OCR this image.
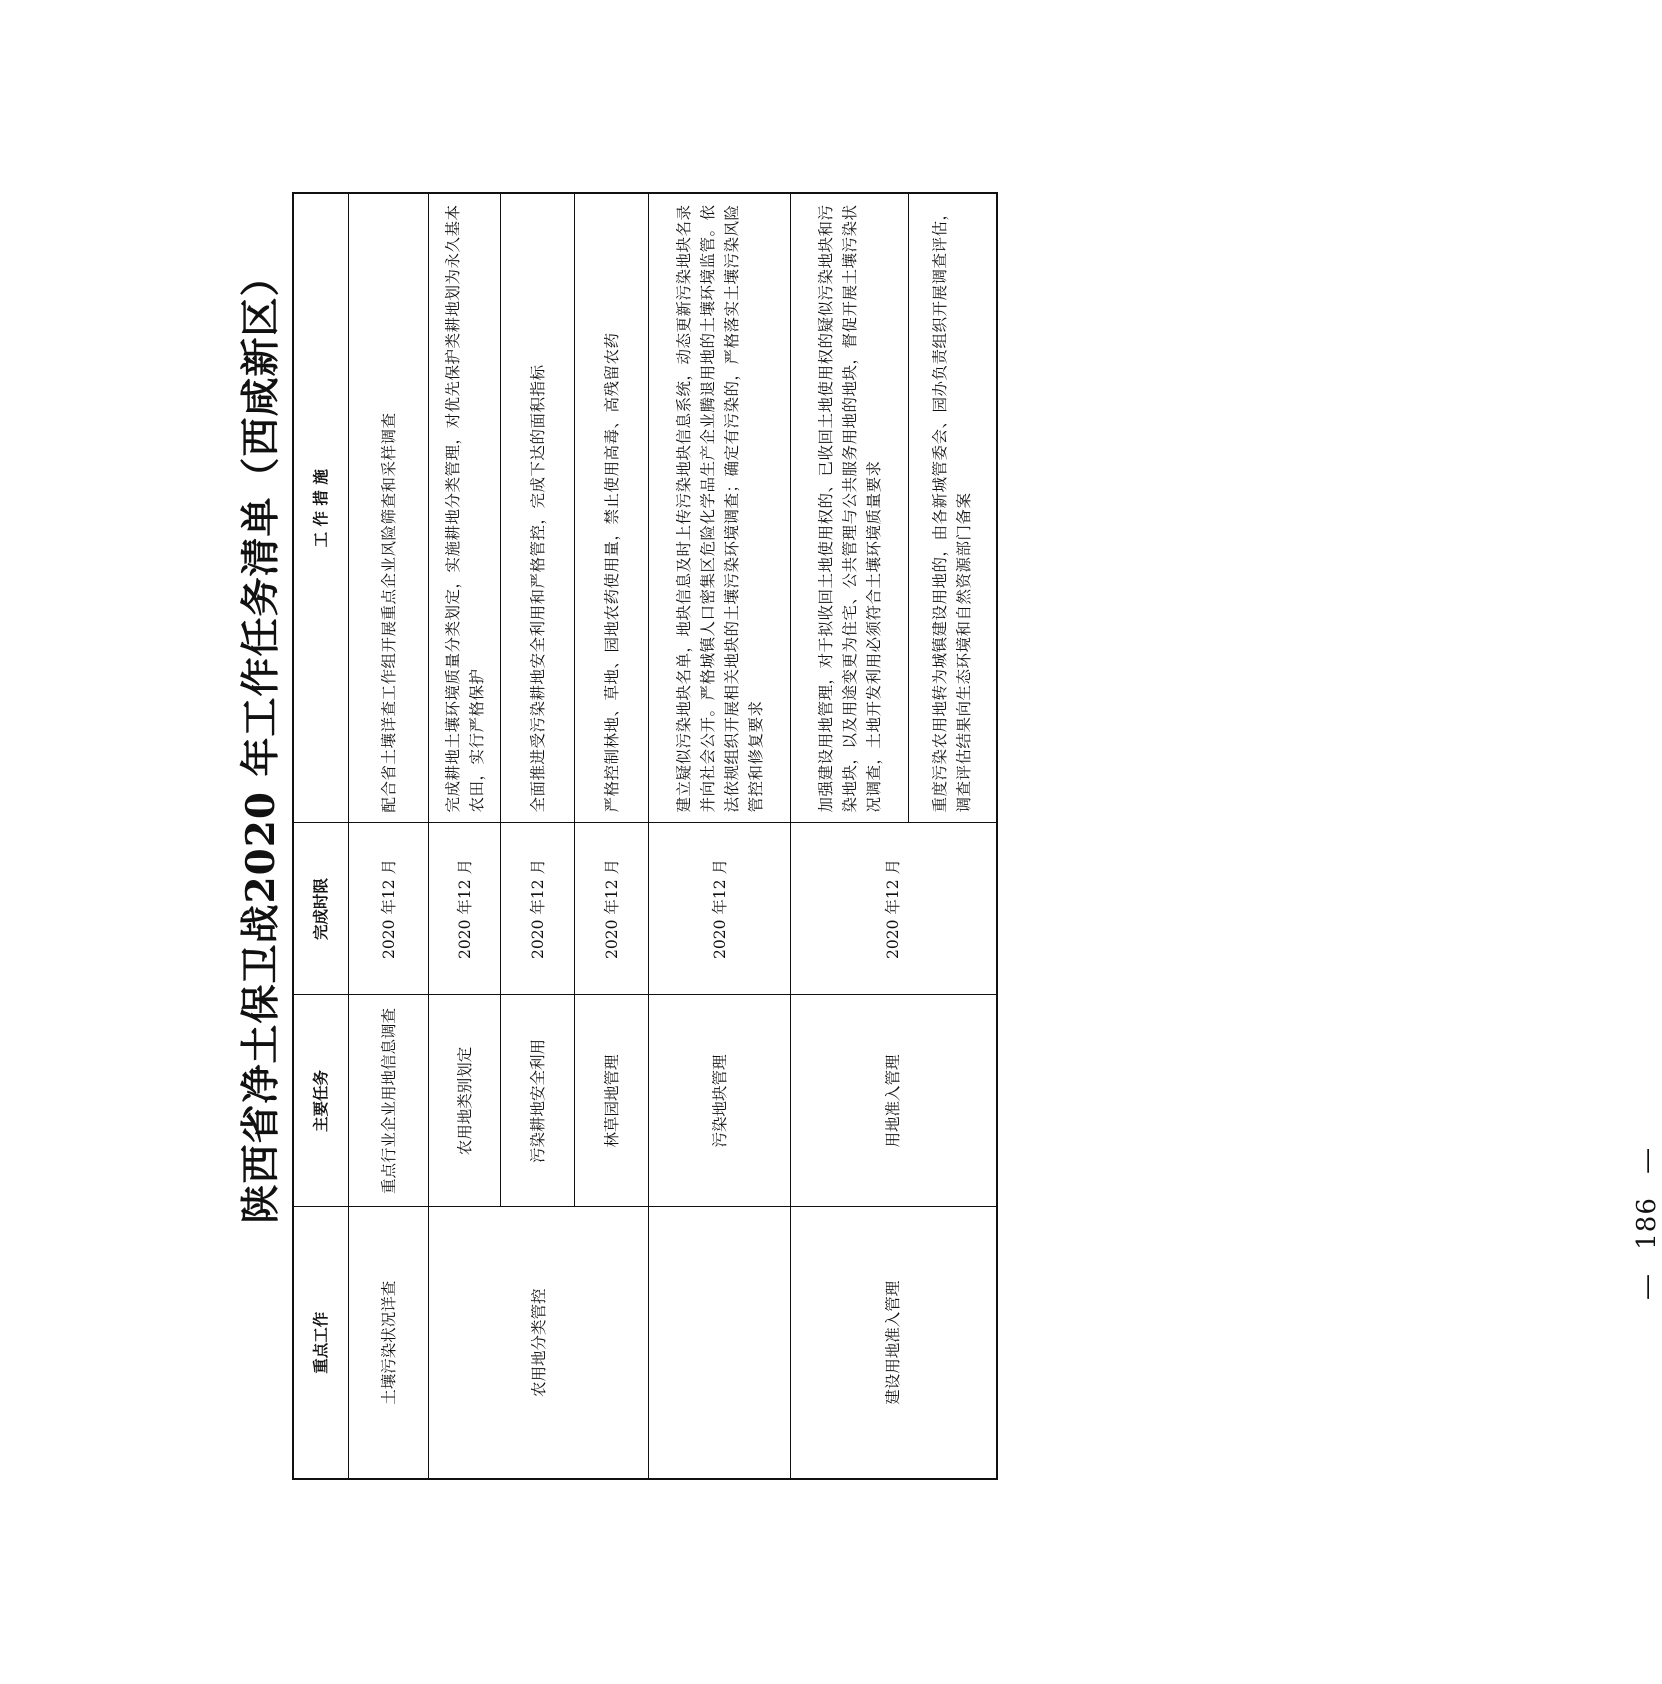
陕西省净土保卫战2020 年工作任务清单（西咸新区）
重点工作	主要任务	完成时限	工 作 措 施
土壤污染状况详查	重点行业企业用地信息调查	2020 年12 月	配合省土壤详查工作组开展重点企业风险筛查和采样调查
农用地分类管控	农用地类别划定	2020 年12 月	完成耕地土壤环境质量分类划定，实施耕地分类管理，对优先保护类耕地划为永久基本农田，实行严格保护
	污染耕地安全利用	2020 年12 月	全面推进受污染耕地安全利用和严格管控，完成下达的面积指标
	林草园地管理	2020 年12 月	严格控制林地、草地、园地农药使用量，禁止使用高毒、高残留农药
	污染地块管理	2020 年12 月	建立疑似污染地块名单，地块信息及时上传污染地块信息系统，动态更新污染地块名录并向社会公开。严格城镇人口密集区危险化学品生产企业腾退用地的土壤环境监管。依法依规组织开展相关地块的土壤污染环境调查；确定有污染的，严格落实土壤污染风险管控和修复要求
建设用地准入管理	用地准入管理	2020 年12 月	加强建设用地管理，对于拟收回土地使用权的、已收回土地使用权的疑似污染地块和污染地块，以及用途变更为住宅、公共管理与公共服务用地的地块，督促开展土壤污染状况调查，土地开发利用必须符合土壤环境质量要求
			重度污染农用地转为城镇建设用地的，由各新城管委会、园办负责组织开展调查评估，调查评估结果向生态环境和自然资源部门备案
— 186 —
